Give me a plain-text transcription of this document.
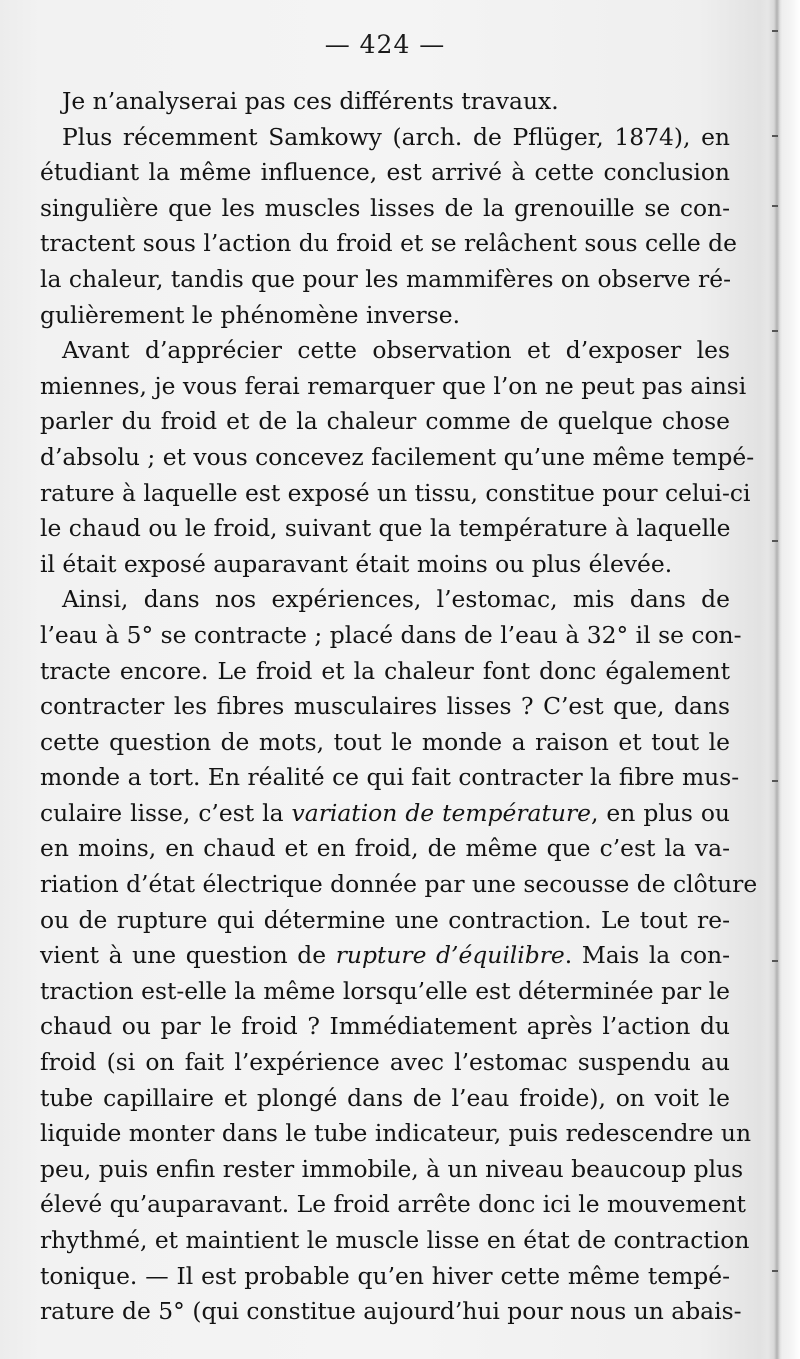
— 424 —

Je n’analyserai pas ces différents travaux.

Plus récemment Samkowy (arch. de Pflüger, 1874), en
étudiant la même influence, est arrivé à cette conclusion
singulière que les muscles lisses de la grenouille se con-
tractent sous l’action du froid et se relâchent sous celle de
la chaleur, tandis que pour les mammifères on observe ré-
gulièrement le phénomène inverse.

Avant d’apprécier cette observation et d’exposer les
miennes, je vous ferai remarquer que l’on ne peut pas ainsi
parler du froid et de la chaleur comme de quelque chose
d’absolu ; et vous concevez facilement qu’une même tempé-
rature à laquelle est exposé un tissu, constitue pour celui-ci
le chaud ou le froid, suivant que la température à laquelle
il était exposé auparavant était moins ou plus élevée.

Ainsi, dans nos expériences, l’estomac, mis dans de
l’eau à 5° se contracte ; placé dans de l’eau à 32° il se con-
tracte encore. Le froid et la chaleur font donc également
contracter les fibres musculaires lisses ? C’est que, dans
cette question de mots, tout le monde a raison et tout le
monde a tort. En réalité ce qui fait contracter la fibre mus-
culaire lisse, c’est la variation de température, en plus ou
en moins, en chaud et en froid, de même que c’est la va-
riation d’état électrique donnée par une secousse de clôture
ou de rupture qui détermine une contraction. Le tout re-
vient à une question de rupture d’équilibre. Mais la con-
traction est-elle la même lorsqu’elle est déterminée par le
chaud ou par le froid ? Immédiatement après l’action du
froid (si on fait l’expérience avec l’estomac suspendu au
tube capillaire et plongé dans de l’eau froide), on voit le
liquide monter dans le tube indicateur, puis redescendre un
peu, puis enfin rester immobile, à un niveau beaucoup plus
élevé qu’auparavant. Le froid arrête donc ici le mouvement
rhythmé, et maintient le muscle lisse en état de contraction
tonique. — Il est probable qu’en hiver cette même tempé-
rature de 5° (qui constitue aujourd’hui pour nous un abais-
